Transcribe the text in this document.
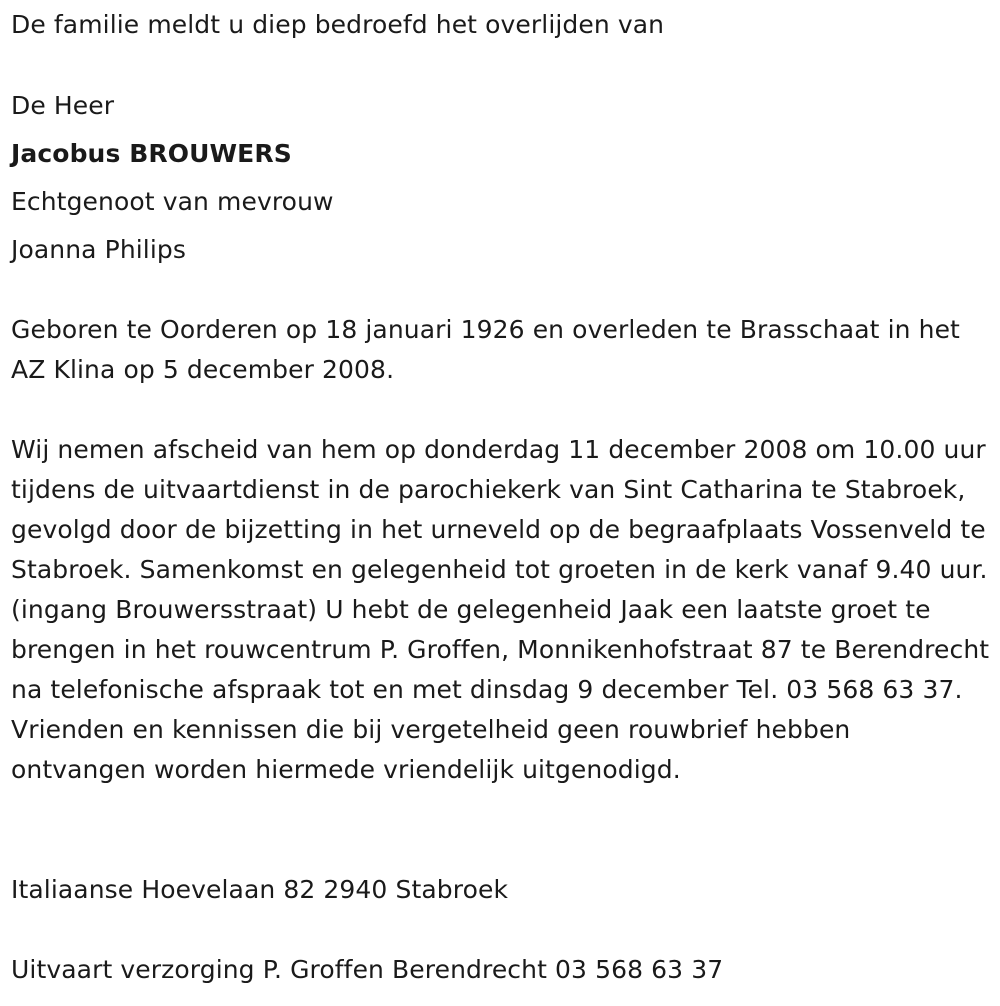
De familie meldt u diep bedroefd het overlijden van
De Heer
Jacobus BROUWERS
Echtgenoot van mevrouw
Joanna Philips

Geboren te Oorderen op 18 januari 1926 en overleden te Brasschaat in het AZ Klina op 5 december 2008.

Wij nemen afscheid van hem op donderdag 11 december 2008 om 10.00 uur tijdens de uitvaartdienst in de parochiekerk van Sint Catharina te Stabroek, gevolgd door de bijzetting in het urneveld op de begraafplaats Vossenveld te Stabroek. Samenkomst en gelegenheid tot groeten in de kerk vanaf 9.40 uur. (ingang Brouwersstraat) U hebt de gelegenheid Jaak een laatste groet te brengen in het rouwcentrum P. Groffen, Monnikenhofstraat 87 te Berendrecht na telefonische afspraak tot en met dinsdag 9 december Tel. 03 568 63 37. Vrienden en kennissen die bij vergetelheid geen rouwbrief hebben ontvangen worden hiermede vriendelijk uitgenodigd.

Italiaanse Hoevelaan 82 2940 Stabroek
Uitvaart verzorging P. Groffen Berendrecht 03 568 63 37
